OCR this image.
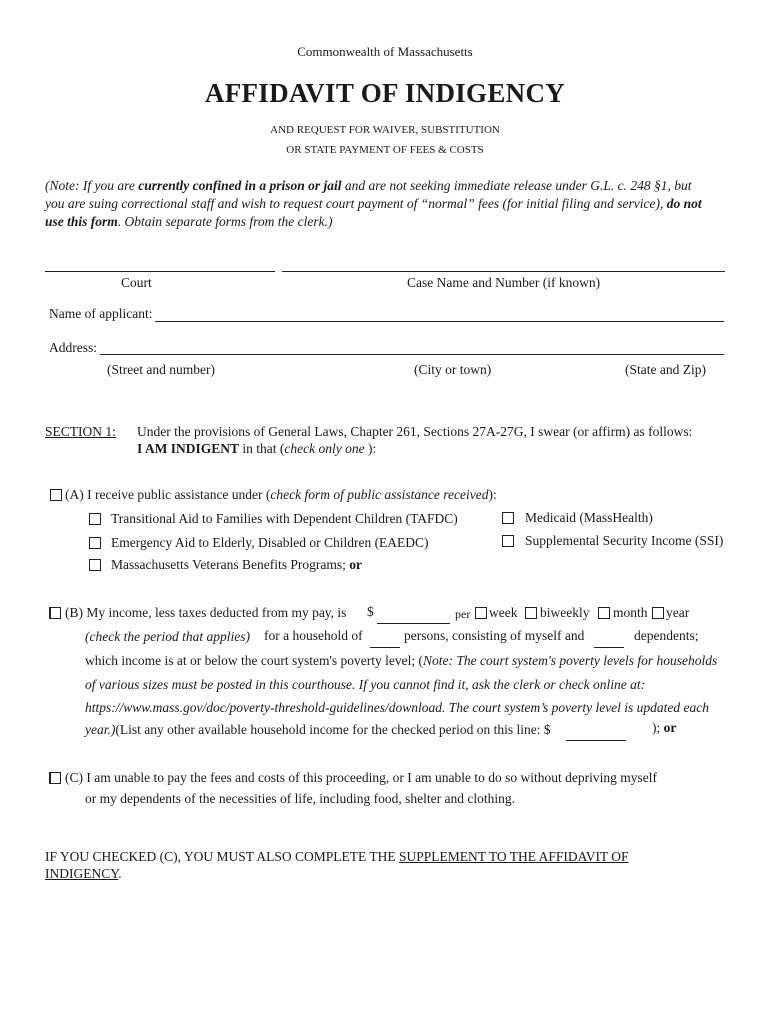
Commonwealth of Massachusetts
AFFIDAVIT OF INDIGENCY
AND REQUEST FOR WAIVER, SUBSTITUTION
OR STATE PAYMENT OF FEES & COSTS
(Note: If you are currently confined in a prison or jail and are not seeking immediate release under G.L. c. 248 §1, but
you are suing correctional staff and wish to request court payment of “normal” fees (for initial filing and service), do not
use this form. Obtain separate forms from the clerk.)
Court	Case Name and Number (if known)
Name of applicant:
Address:
(Street and number)	(City or town)	(State and Zip)
SECTION 1: Under the provisions of General Laws, Chapter 261, Sections 27A-27G, I swear (or affirm) as follows:
I AM INDIGENT in that (check only one ):
(A) I receive public assistance under (check form of public assistance received):
Transitional Aid to Families with Dependent Children (TAFDC)
Emergency Aid to Elderly, Disabled or Children (EAEDC)
Massachusetts Veterans Benefits Programs; or
Medicaid (MassHealth)
Supplemental Security Income (SSI)
(B) My income, less taxes deducted from my pay, is $	per week biweekly month year
(check the period that applies) for a household of	persons, consisting of myself and	dependents;
which income is at or below the court system's poverty level; (Note: The court system's poverty levels for households
of various sizes must be posted in this courthouse. If you cannot find it, ask the clerk or check online at:
https://www.mass.gov/doc/poverty-threshold-guidelines/download. The court system’s poverty level is updated each
year.)(List any other available household income for the checked period on this line: $	); or
(C) I am unable to pay the fees and costs of this proceeding, or I am unable to do so without depriving myself
or my dependents of the necessities of life, including food, shelter and clothing.
IF YOU CHECKED (C), YOU MUST ALSO COMPLETE THE SUPPLEMENT TO THE AFFIDAVIT OF
INDIGENCY.
